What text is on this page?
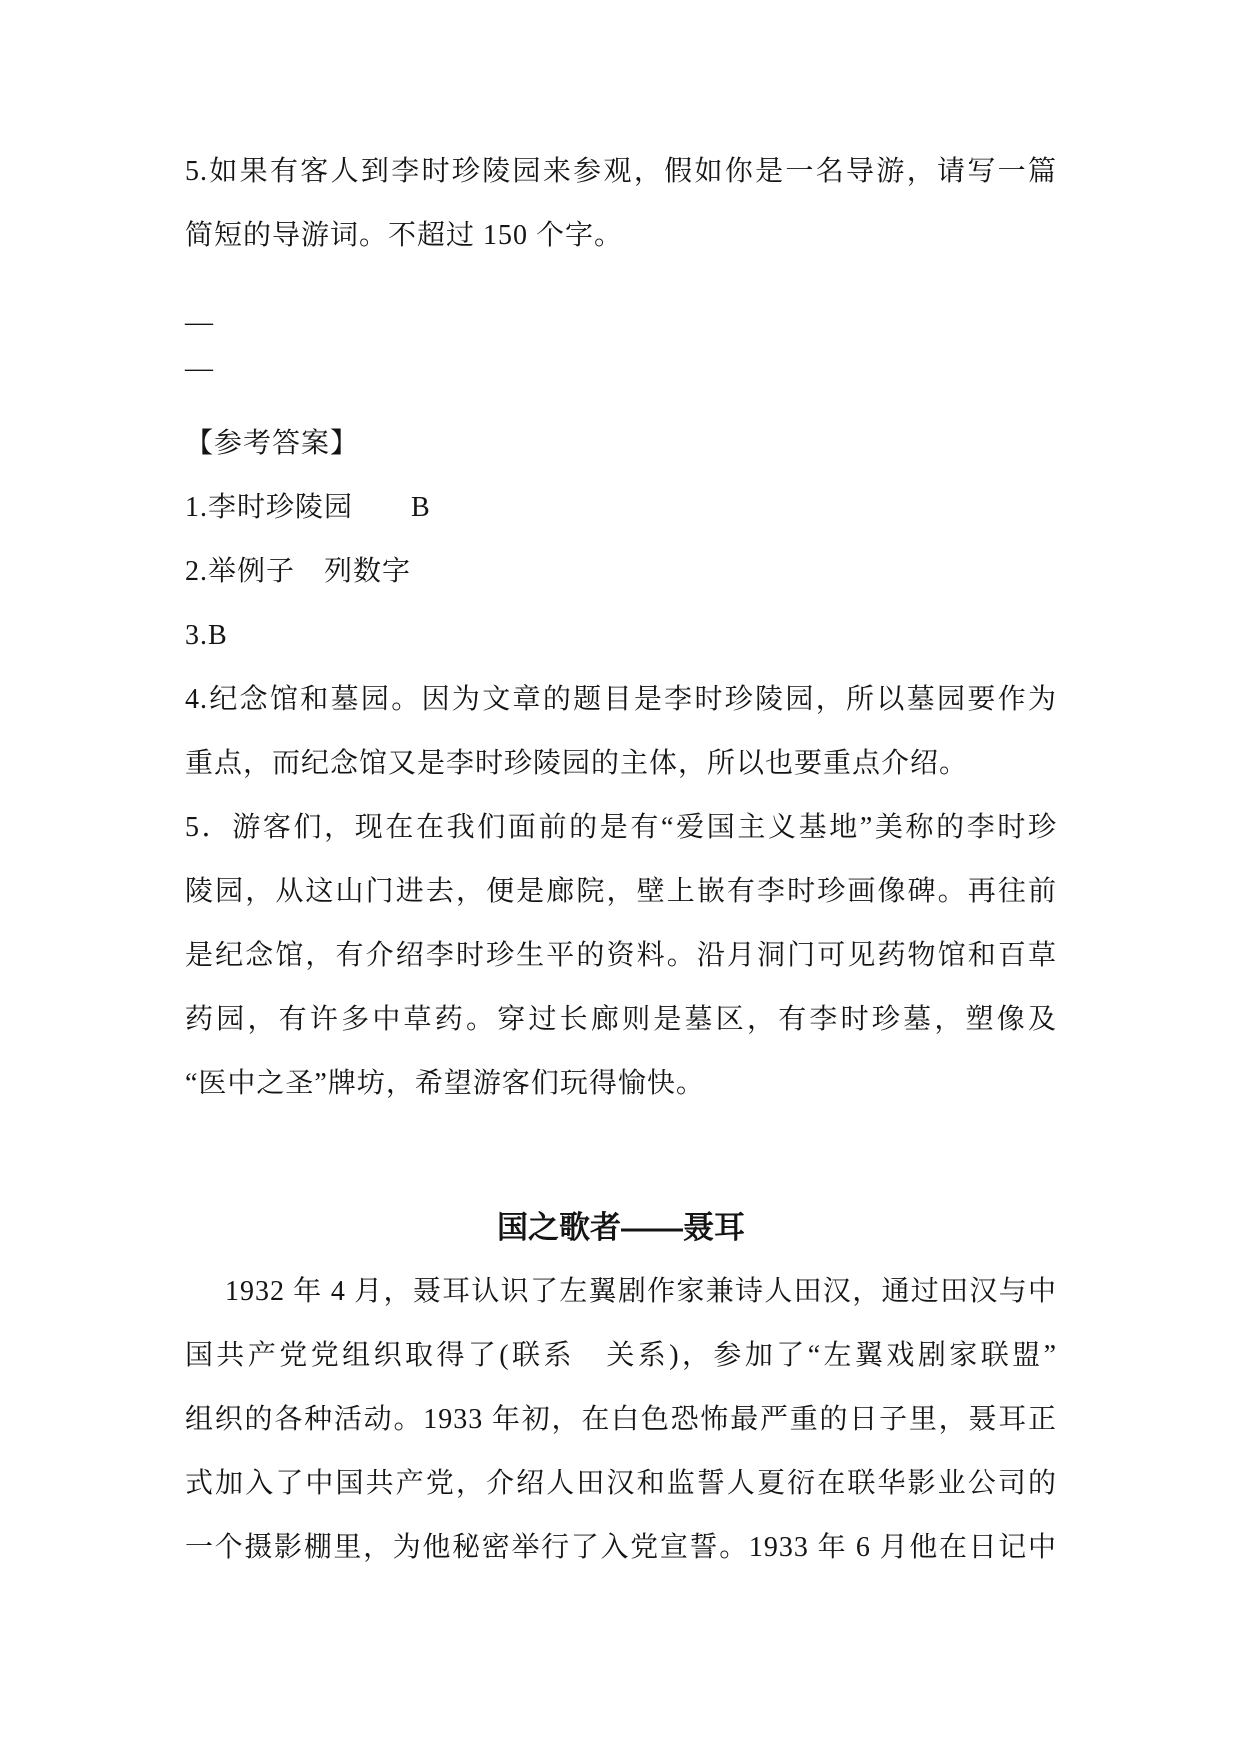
5.如果有客人到李时珍陵园来参观，假如你是一名导游，请写一篇
简短的导游词。不超过 150 个字。
—
—
【参考答案】
1.李时珍陵园　　B
2.举例子　列数字
3.B
4.纪念馆和墓园。因为文章的题目是李时珍陵园，所以墓园要作为
重点，而纪念馆又是李时珍陵园的主体，所以也要重点介绍。
5．游客们，现在在我们面前的是有“爱国主义基地”美称的李时珍
陵园，从这山门进去，便是廊院，壁上嵌有李时珍画像碑。再往前
是纪念馆，有介绍李时珍生平的资料。沿月洞门可见药物馆和百草
药园，有许多中草药。穿过长廊则是墓区，有李时珍墓，塑像及
“医中之圣”牌坊，希望游客们玩得愉快。
国之歌者——聂耳
1932 年 4 月，聂耳认识了左翼剧作家兼诗人田汉，通过田汉与中
国共产党党组织取得了(联系　关系)，参加了“左翼戏剧家联盟”
组织的各种活动。1933 年初，在白色恐怖最严重的日子里，聂耳正
式加入了中国共产党，介绍人田汉和监誓人夏衍在联华影业公司的
一个摄影棚里，为他秘密举行了入党宣誓。1933 年 6 月他在日记中
